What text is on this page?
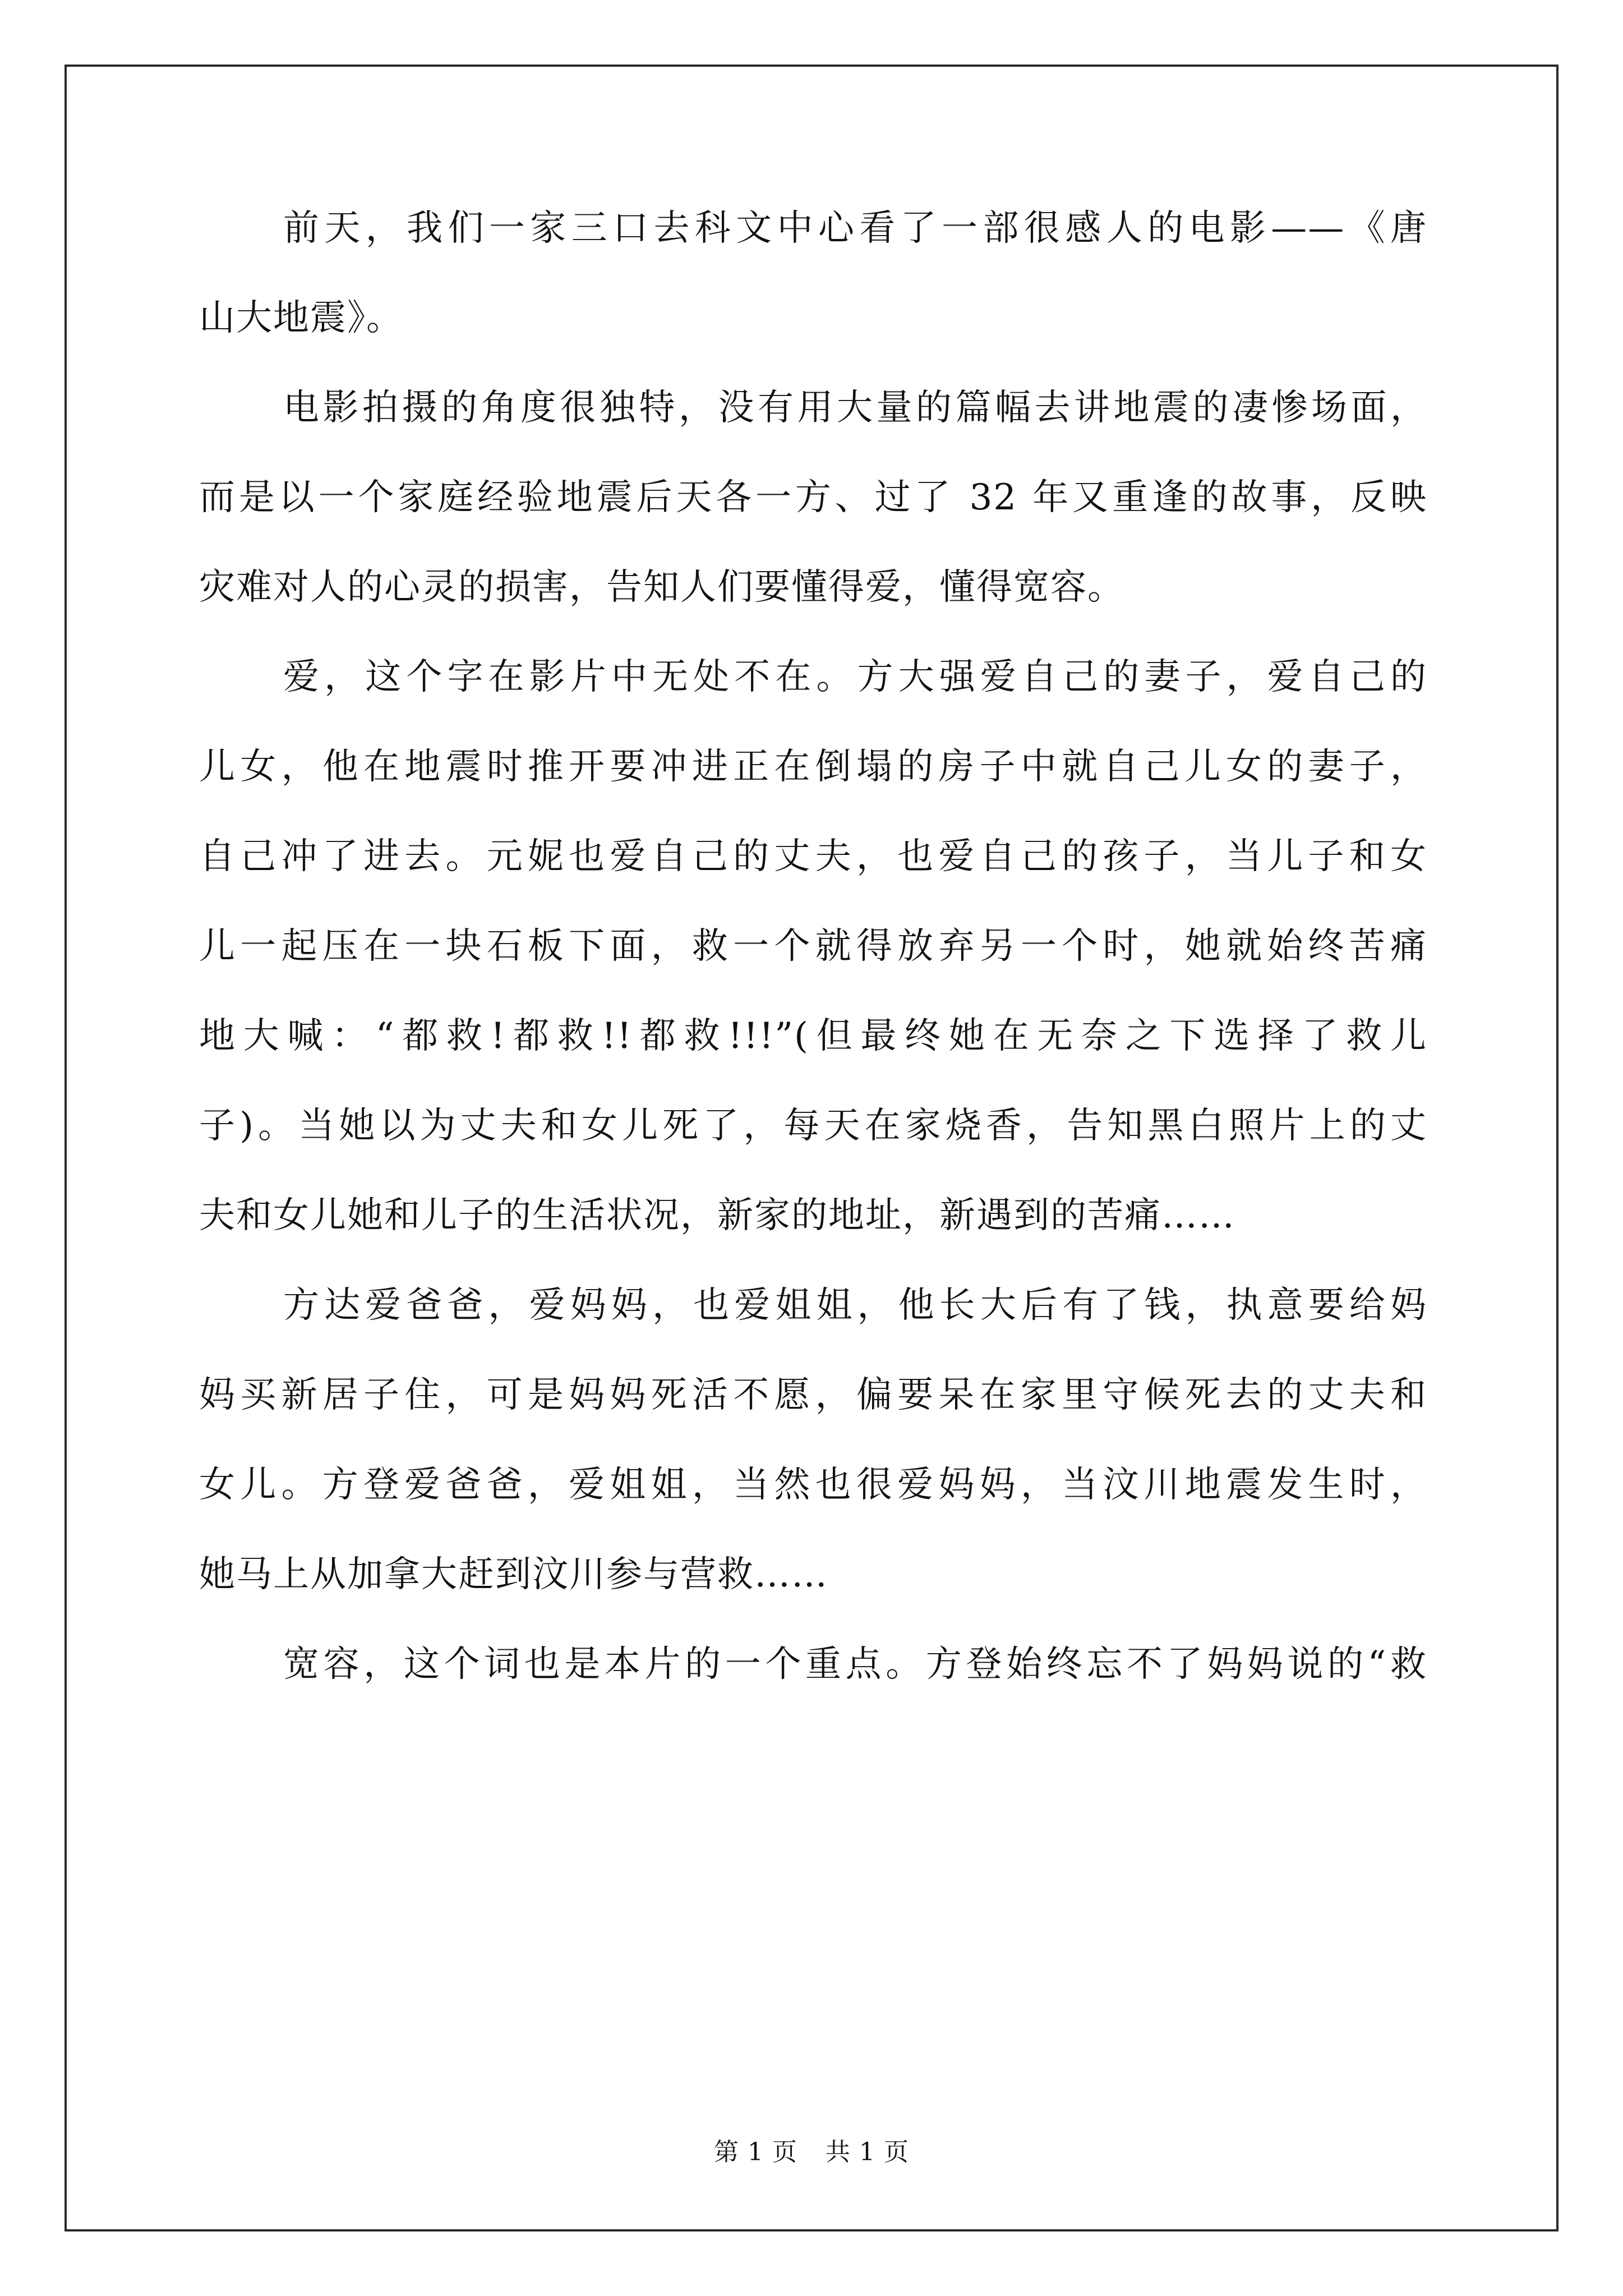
前天，我们一家三口去科文中心看了一部很感人的电影——《唐
山大地震》。
电影拍摄的角度很独特，没有用大量的篇幅去讲地震的凄惨场面，
而是以一个家庭经验地震后天各一方、过了 32 年又重逢的故事，反映
灾难对人的心灵的损害，告知人们要懂得爱，懂得宽容。
爱，这个字在影片中无处不在。方大强爱自己的妻子，爱自己的
儿女，他在地震时推开要冲进正在倒塌的房子中就自己儿女的妻子，
自己冲了进去。元妮也爱自己的丈夫，也爱自己的孩子，当儿子和女
儿一起压在一块石板下面，救一个就得放弃另一个时，她就始终苦痛
地大喊：“都救!都救!!都救!!!”(但最终她在无奈之下选择了救儿
子)。当她以为丈夫和女儿死了，每天在家烧香，告知黑白照片上的丈
夫和女儿她和儿子的生活状况，新家的地址，新遇到的苦痛……
方达爱爸爸，爱妈妈，也爱姐姐，他长大后有了钱，执意要给妈
妈买新居子住，可是妈妈死活不愿，偏要呆在家里守候死去的丈夫和
女儿。方登爱爸爸，爱姐姐，当然也很爱妈妈，当汶川地震发生时，
她马上从加拿大赶到汶川参与营救……
宽容，这个词也是本片的一个重点。方登始终忘不了妈妈说的“救
第 1 页 共 1 页
